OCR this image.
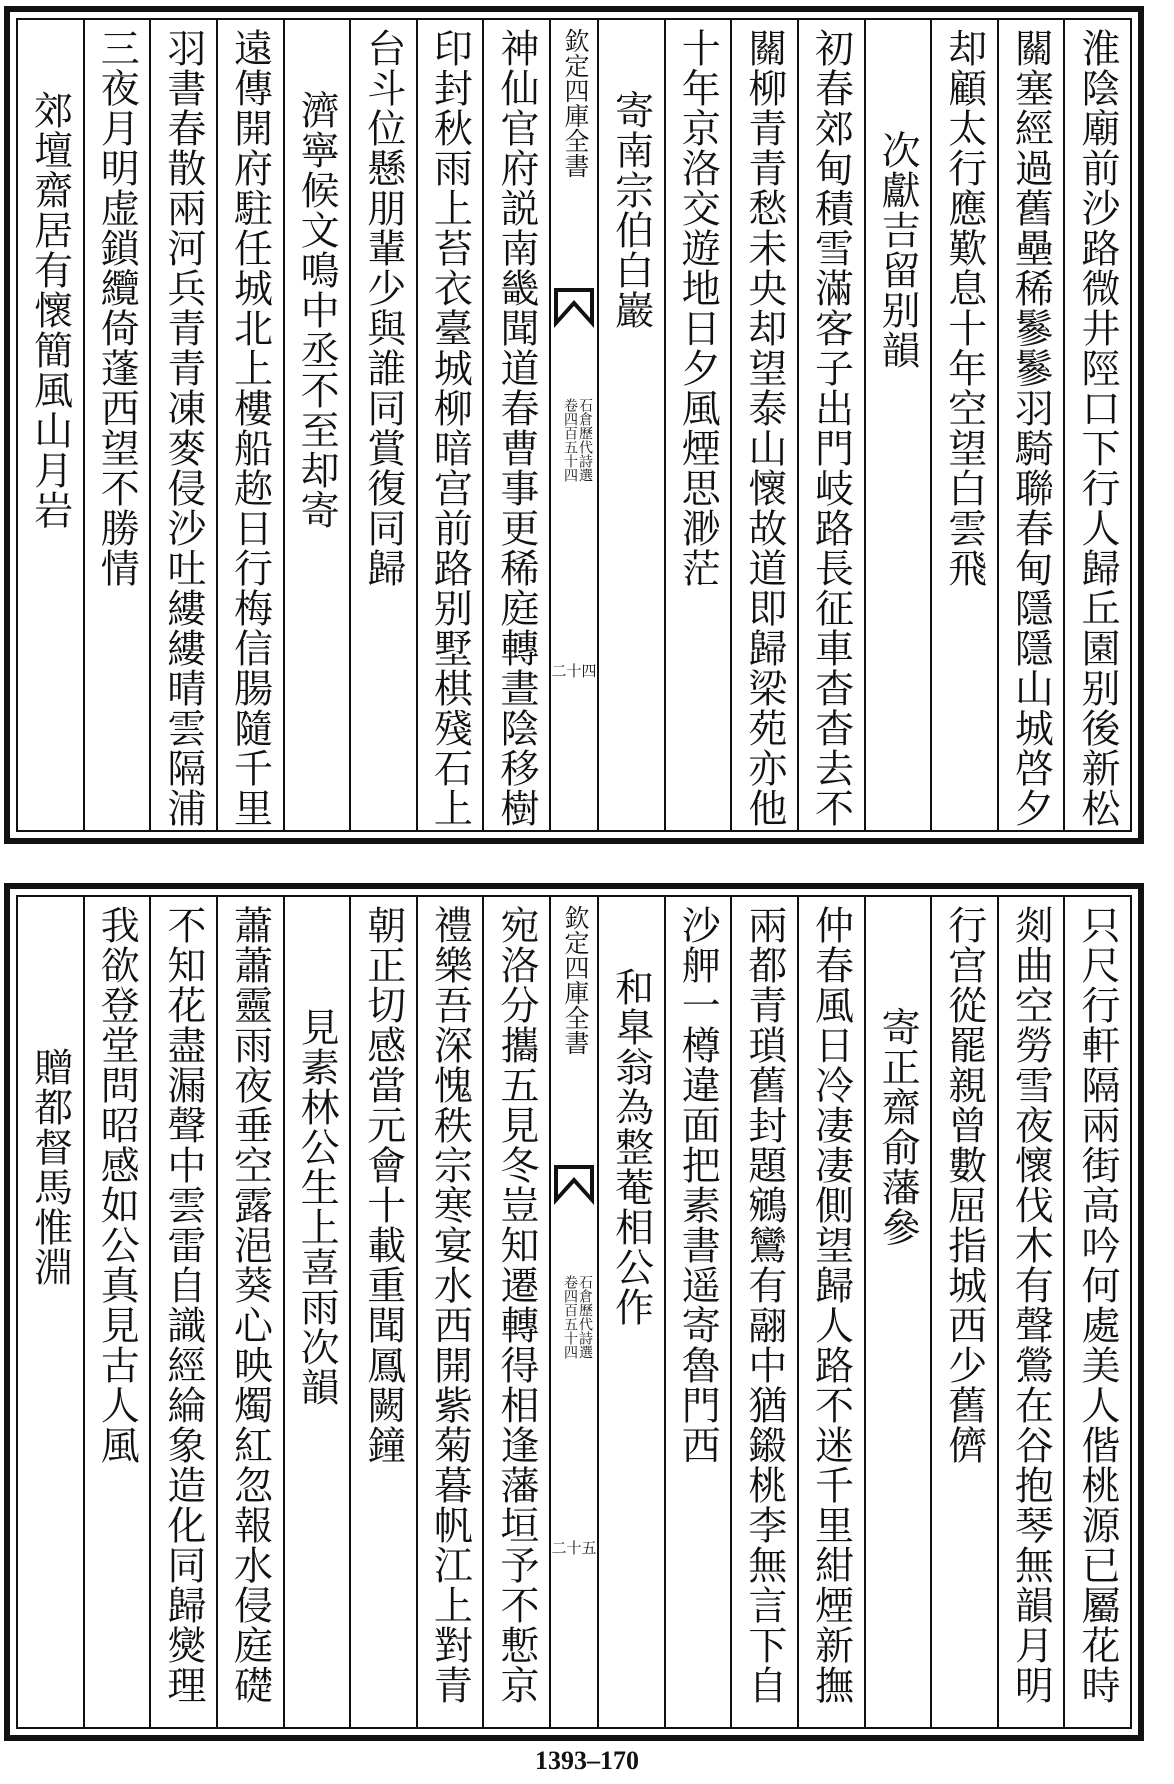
淮陰廟前沙路微井陘口下行人歸丘園别後新松
關塞經過舊壘稀鬖鬖羽騎聯春甸隱隱山城啓夕
却顧太行應歎息十年空望白雲飛
次獻吉留别韻
初春郊甸積雪滿客子出門岐路長征車杳杳去不
關柳青青愁未央却望泰山懷故道即歸梁苑亦他
十年京洛交遊地日夕風煙思渺茫
寄南宗伯白巖
欽定四庫全書
石倉歷代詩選
卷四百五十四
二十四
神仙官府説南畿聞道春曹事更稀庭轉晝陰移樹
印封秋雨上苔衣臺城柳暗宫前路别墅棋殘石上
台斗位懸朋輩少與誰同賞復同歸
濟寧候文鳴中丞不至却寄
遠傳開府駐任城北上樓船趂日行梅信腸隨千里
羽書春散兩河兵青青凍麥侵沙吐縷縷晴雲隔浦
三夜月明虚鎖纜倚蓬西望不勝情
郊壇齋居有懷簡風山月岩
只尺行軒隔兩街高吟何處美人偕桃源已屬花時
剡曲空勞雪夜懷伐木有聲鶯在谷抱琴無韻月明
行宫從罷親曾數屈指城西少舊儕
寄正齋俞藩參
仲春風日冷凄凄側望歸人路不迷千里紺煙新撫
兩都青瑣舊封題鵷鸞有翮中猶鎩桃李無言下自
沙舺一樽違面把素書遥寄魯門西
和臯翁為整菴相公作
欽定四庫全書
石倉歷代詩選
卷四百五十四
二十五
宛洛分攜五見冬豈知遷轉得相逢藩垣予不慙京
禮樂吾深愧秩宗寒宴水西開紫菊暮帆江上對青
朝正切感當元會十載重聞鳳闕鐘
見素林公生上喜雨次韻
蕭蕭靈雨夜垂空露浥葵心映燭紅忽報水侵庭礎
不知花盡漏聲中雲雷自識經綸象造化同歸爕理
我欲登堂問昭感如公真見古人風
贈都督馬惟淵
1393–170
